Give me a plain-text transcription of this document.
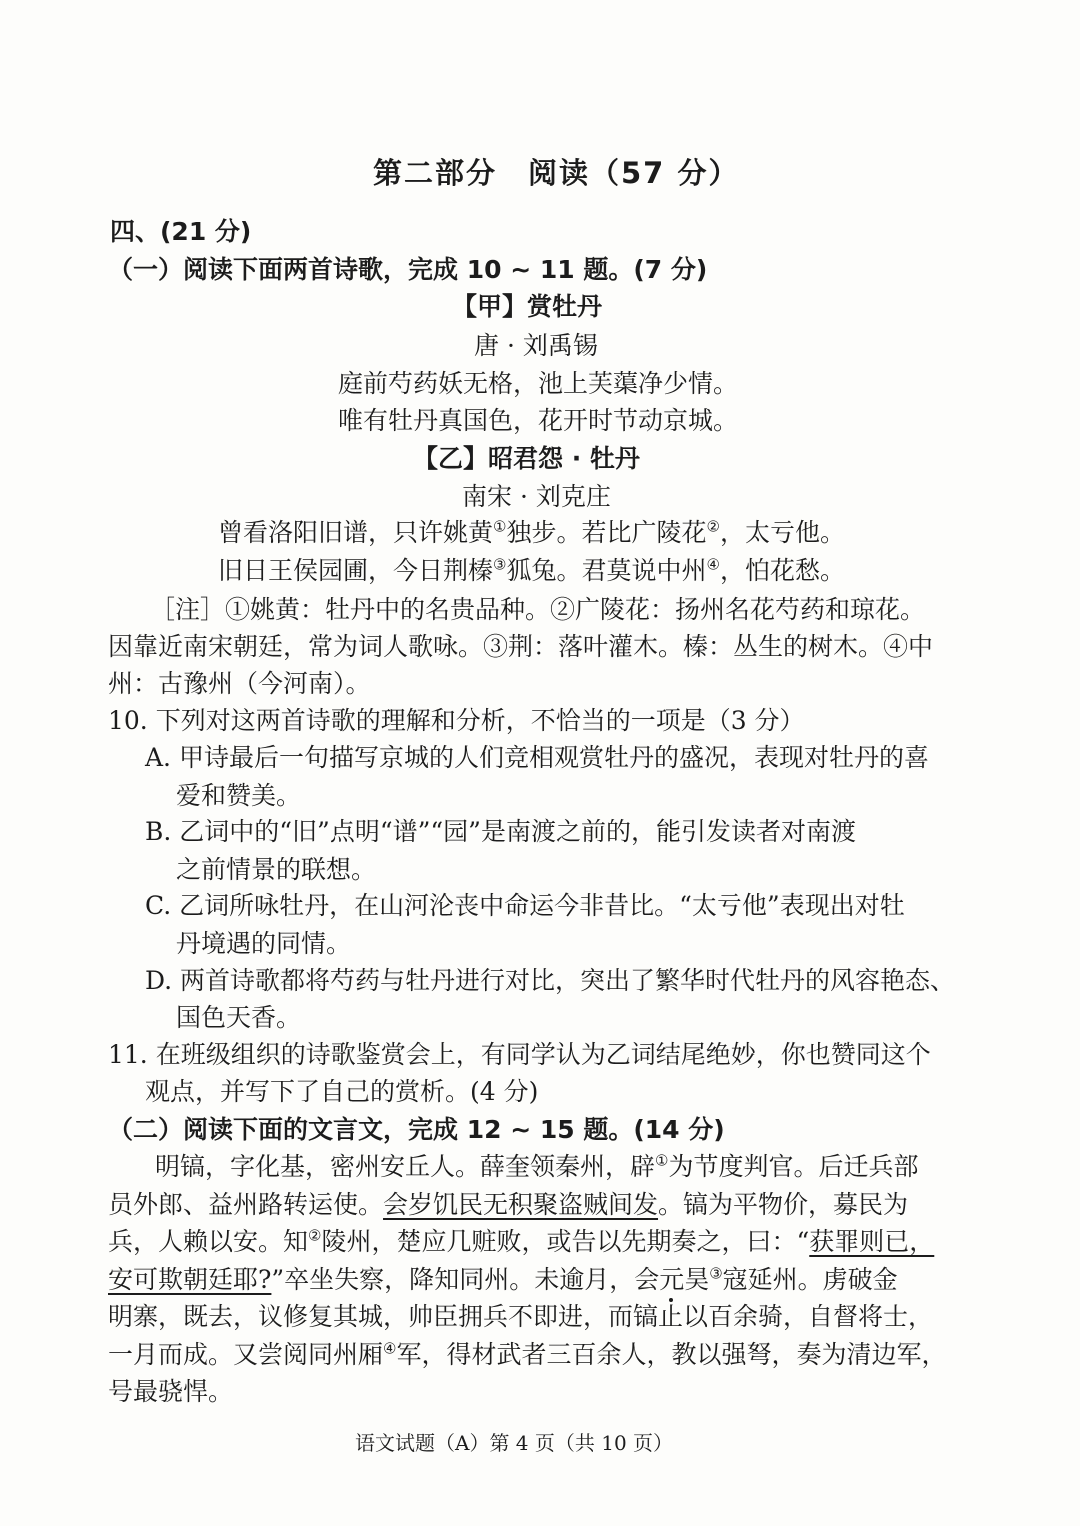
第二部分　阅读（57 分）
四、(21 分)
（一）阅读下面两首诗歌，完成 10 ~ 11 题。(7 分)
【甲】赏牡丹
唐 · 刘禹锡
庭前芍药妖无格，池上芙蕖净少情。
唯有牡丹真国色，花开时节动京城。
【乙】昭君怨 · 牡丹
南宋 · 刘克庄
曾看洛阳旧谱，只许姚黄①独步。若比广陵花②，太亏他。
旧日王侯园圃，今日荆榛③狐兔。君莫说中州④，怕花愁。
［注］①姚黄：牡丹中的名贵品种。②广陵花：扬州名花芍药和琼花。
因靠近南宋朝廷，常为词人歌咏。③荆：落叶灌木。榛：丛生的树木。④中
州：古豫州（今河南）。
10. 下列对这两首诗歌的理解和分析，不恰当的一项是（3 分）
A. 甲诗最后一句描写京城的人们竞相观赏牡丹的盛况，表现对牡丹的喜
爱和赞美。
B. 乙词中的“旧”点明“谱”“园”是南渡之前的，能引发读者对南渡
之前情景的联想。
C. 乙词所咏牡丹，在山河沦丧中命运今非昔比。“太亏他”表现出对牡
丹境遇的同情。
D. 两首诗歌都将芍药与牡丹进行对比，突出了繁华时代牡丹的风容艳态、
国色天香。
11. 在班级组织的诗歌鉴赏会上，有同学认为乙词结尾绝妙，你也赞同这个
观点，并写下了自己的赏析。(4 分)
（二）阅读下面的文言文，完成 12 ~ 15 题。(14 分)
明镐，字化基，密州安丘人。薛奎领秦州，辟①为节度判官。后迁兵部
员外郎、益州路转运使。会岁饥民无积聚盗贼间发。镐为平物价，募民为
兵，人赖以安。知②陵州，楚应几赃败，或告以先期奏之，曰：“获罪则已，
安可欺朝廷耶?”卒坐失察，降知同州。未逾月，会元昊③寇延州。虏破金
明寨，既去，议修复其城，帅臣拥兵不即进，而镐止以百余骑，自督将士，
一月而成。又尝阅同州厢④军，得材武者三百余人，教以强弩，奏为清边军，
号最骁悍。
语文试题（A）第 4 页（共 10 页）
